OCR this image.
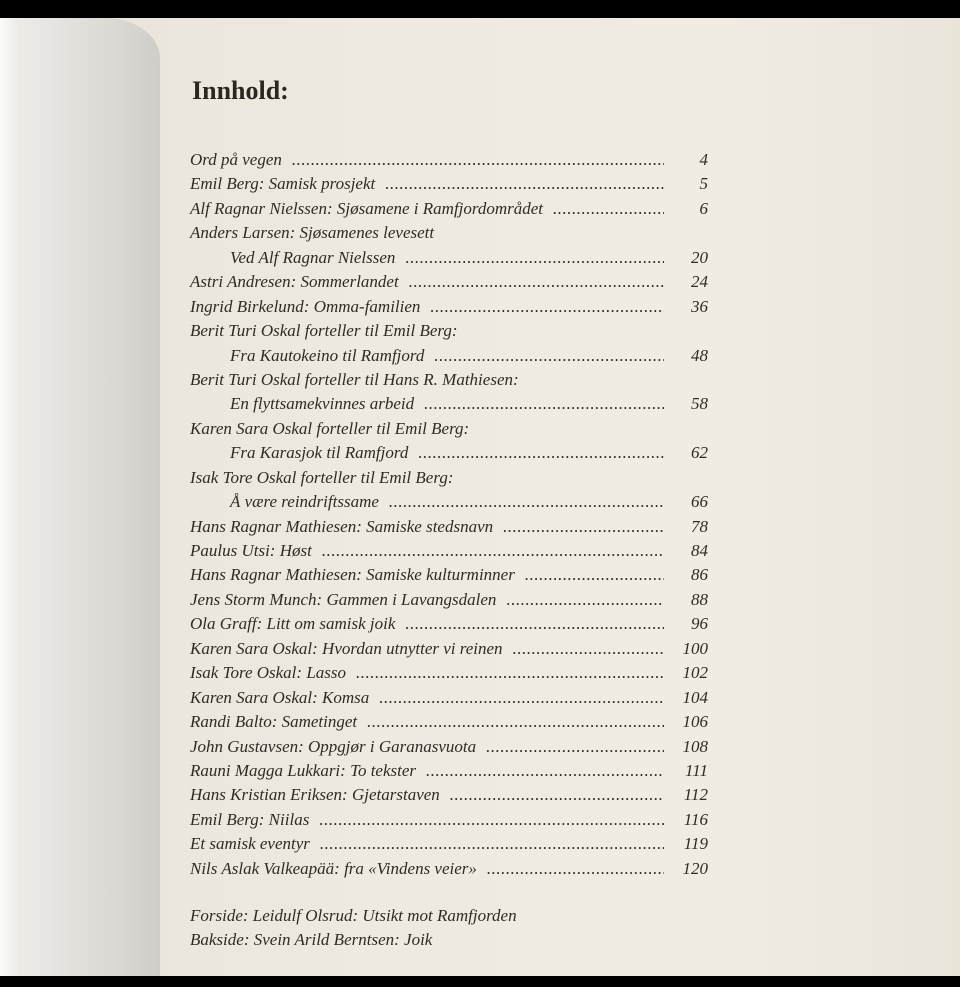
Innhold:
Ord på vegen .....	4
Emil Berg: Samisk prosjekt .....	5
Alf Ragnar Nielssen: Sjøsamene i Ramfjordområdet .....	6
Anders Larsen: Sjøsamenes levesett
Ved Alf Ragnar Nielssen .....	20
Astri Andresen: Sommerlandet .....	24
Ingrid Birkelund: Omma-familien .....	36
Berit Turi Oskal forteller til Emil Berg:
Fra Kautokeino til Ramfjord .....	48
Berit Turi Oskal forteller til Hans R. Mathiesen:
En flyttsamekvinnes arbeid .....	58
Karen Sara Oskal forteller til Emil Berg:
Fra Karasjok til Ramfjord .....	62
Isak Tore Oskal forteller til Emil Berg:
Å være reindriftssame .....	66
Hans Ragnar Mathiesen: Samiske stedsnavn .....	78
Paulus Utsi: Høst .....	84
Hans Ragnar Mathiesen: Samiske kulturminner .....	86
Jens Storm Munch: Gammen i Lavangsdalen .....	88
Ola Graff: Litt om samisk joik .....	96
Karen Sara Oskal: Hvordan utnytter vi reinen .....	100
Isak Tore Oskal: Lasso .....	102
Karen Sara Oskal: Komsa .....	104
Randi Balto: Sametinget .....	106
John Gustavsen: Oppgjør i Garanasvuota .....	108
Rauni Magga Lukkari: To tekster .....	111
Hans Kristian Eriksen: Gjetarstaven .....	112
Emil Berg: Niilas .....	116
Et samisk eventyr .....	119
Nils Aslak Valkeapää: fra «Vindens veier» .....	120
Forside: Leidulf Olsrud: Utsikt mot Ramfjorden
Bakside: Svein Arild Berntsen: Joik
